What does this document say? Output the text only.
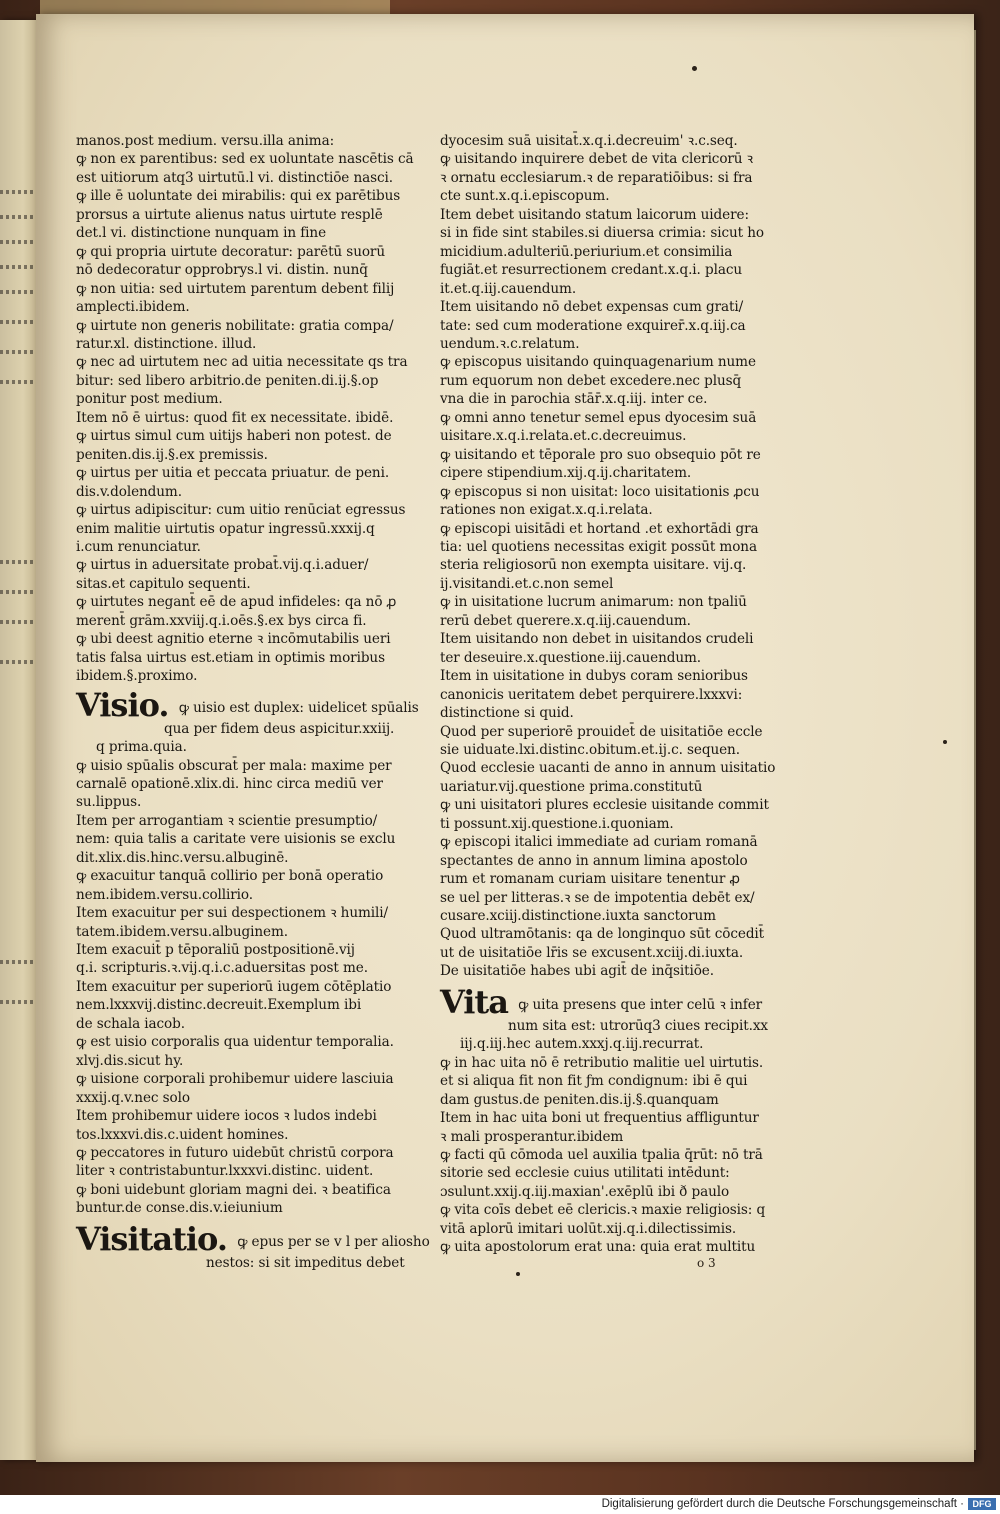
manos.post medium. versu.illa anima:
ꝙ non ex parentibus: sed ex uoluntate nascētis cā
est uitiorum atq3 uirtutū.l vi. distinctiōe nasci.
ꝙ ille ē uoluntate dei mirabilis: qui ex parētibus
prorsus a uirtute alienus natus uirtute resplē
det.l vi. distinctione nunquam in fine
ꝙ qui propria uirtute decoratur: parētū suorū
nō dedecoratur opprobrys.l vi. distin. nunq̄
ꝙ non uitia: sed uirtutem parentum debent filij
amplecti.ibidem.
ꝙ uirtute non generis nobilitate: gratia compa/
ratur.xl. distinctione. illud.
ꝙ nec ad uirtutem nec ad uitia necessitate qs tra
bitur: sed libero arbitrio.de peniten.di.ij.§.op
ponitur post medium.
Item nō ē uirtus: quod fit ex necessitate. ibidē.
ꝙ uirtus simul cum uitijs haberi non potest. de
peniten.dis.ij.§.ex premissis.
ꝙ uirtus per uitia et peccata priuatur. de peni.
dis.v.dolendum.
ꝙ uirtus adipiscitur: cum uitio renūciat egressus
enim malitie uirtutis opatur ingressū.xxxij.q
i.cum renunciatur.
ꝙ uirtus in aduersitate probat̄.vij.q.i.aduer/
sitas.et capitulo sequenti.
ꝙ uirtutes negant̄ eē de apud infideles: qa nō ꝓ
merent̄ grām.xxviij.q.i.oēs.§.ex bys circa fi.
ꝙ ubi deest agnitio eterne ꝛ incōmutabilis ueri
tatis falsa uirtus est.etiam in optimis moribus
ibidem.§.proximo.
Visio. ꝙ uisio est duplex: uidelicet spūalis
qua per fidem deus aspicitur.xxiij.
q prima.quia.
ꝙ uisio spūalis obscurat̄ per mala: maxime per
carnalē opationē.xlix.di. hinc circa mediū ver
su.lippus.
Item per arrogantiam ꝛ scientie presumptio/
nem: quia talis a caritate vere uisionis se exclu
dit.xlix.dis.hinc.versu.albuginē.
ꝙ exacuitur tanquā collirio per bonā operatio
nem.ibidem.versu.collirio.
Item exacuitur per sui despectionem ꝛ humili/
tatem.ibidem.versu.albuginem.
Item exacuit̄ p tēporaliū postpositionē.vij
q.i. scripturis.ꝛ.vij.q.i.c.aduersitas post me.
Item exacuitur per superiorū iugem cōtēplatio
nem.lxxxvij.distinc.decreuit.Exemplum ibi
de schala iacob.
ꝙ est uisio corporalis qua uidentur temporalia.
xlvj.dis.sicut hy.
ꝙ uisione corporali prohibemur uidere lasciuia
xxxij.q.v.nec solo
Item prohibemur uidere iocos ꝛ ludos indebi
tos.lxxxvi.dis.c.uident homines.
ꝙ peccatores in futuro uidebūt christū corpora
liter ꝛ contristabuntur.lxxxvi.distinc. uident.
ꝙ boni uidebunt gloriam magni dei. ꝛ beatifica
buntur.de conse.dis.v.ieiunium
Visitatio. ꝙ epus per se v l per aliosho
nestos: si sit impeditus debet
dyocesim suā uisitat̄.x.q.i.decreuim' ꝛ.c.seq.
ꝙ uisitando inquirere debet de vita clericorū ꝛ
ꝛ ornatu ecclesiarum.ꝛ de reparatiōibus: si fra
cte sunt.x.q.i.episcopum.
Item debet uisitando statum laicorum uidere:
si in fide sint stabiles.si diuersa crimia: sicut ho
micidium.adulteriū.periurium.et consimilia
fugiāt.et resurrectionem credant.x.q.i. placu
it.et.q.iij.cauendum.
Item uisitando nō debet expensas cum grati/
tate: sed cum moderatione exquirer̄.x.q.iij.ca
uendum.ꝛ.c.relatum.
ꝙ episcopus uisitando quinquagenarium nume
rum equorum non debet excedere.nec plusq̄
vna die in parochia stār̄.x.q.iij. inter ce.
ꝙ omni anno tenetur semel epus dyocesim suā
uisitare.x.q.i.relata.et.c.decreuimus.
ꝙ uisitando et tēporale pro suo obsequio pōt re
cipere stipendium.xij.q.ij.charitatem.
ꝙ episcopus si non uisitat: loco uisitationis ꝓcu
rationes non exigat.x.q.i.relata.
ꝙ episcopi uisitādi et hortand .et exhortādi gra
tia: uel quotiens necessitas exigit possūt mona
steria religiosorū non exempta uisitare. vij.q.
ij.visitandi.et.c.non semel
ꝙ in uisitatione lucrum animarum: non tpaliū
rerū debet querere.x.q.iij.cauendum.
Item uisitando non debet in uisitandos crudeli
ter deseuire.x.questione.iij.cauendum.
Item in uisitatione in dubys coram senioribus
canonicis ueritatem debet perquirere.lxxxvi:
distinctione si quid.
Quod per superiorē prouidet̄ de uisitatiōe eccle
sie uiduate.lxi.distinc.obitum.et.ij.c. sequen.
Quod ecclesie uacanti de anno in annum uisitatio
uariatur.vij.questione prima.constitutū
ꝙ uni uisitatori plures ecclesie uisitande commit
ti possunt.xij.questione.i.quoniam.
ꝙ episcopi italici immediate ad curiam romanā
spectantes de anno in annum limina apostolo
rum et romanam curiam uisitare tenentur ꝓ
se uel per litteras.ꝛ se de impotentia debēt ex/
cusare.xciij.distinctione.iuxta sanctorum
Quod ultramōtanis: qa de longinquo sūt cōcedit̄
ut de uisitatiōe lr̄is se excusent.xciij.di.iuxta.
De uisitatiōe habes ubi agit̄ de inq̄sitiōe.
Vita ꝙ uita presens que inter celū ꝛ infer
num sita est: utrorūq3 ciues recipit.xx
iij.q.iij.hec autem.xxxj.q.iij.recurrat.
ꝙ in hac uita nō ē retributio malitie uel uirtutis.
et si aliqua fit non fit ƒm condignum: ibi ē qui
dam gustus.de peniten.dis.ij.§.quanquam
Item in hac uita boni ut frequentius affliguntur
ꝛ mali prosperantur.ibidem
ꝙ facti qū cōmoda uel auxilia tpalia q̄rūt: nō trā
sitorie sed ecclesie cuius utilitati intēdunt:
ɔsulunt.xxij.q.iij.maxian'.exēplū ibi ð paulo
ꝙ vita coīs debet eē clericis.ꝛ maxie religiosis: q
vitā aplorū imitari uolūt.xij.q.i.dilectissimis.
ꝙ uita apostolorum erat una: quia erat multitu
o 3
Digitalisierung gefördert durch die Deutsche Forschungsgemeinschaft · DFG
